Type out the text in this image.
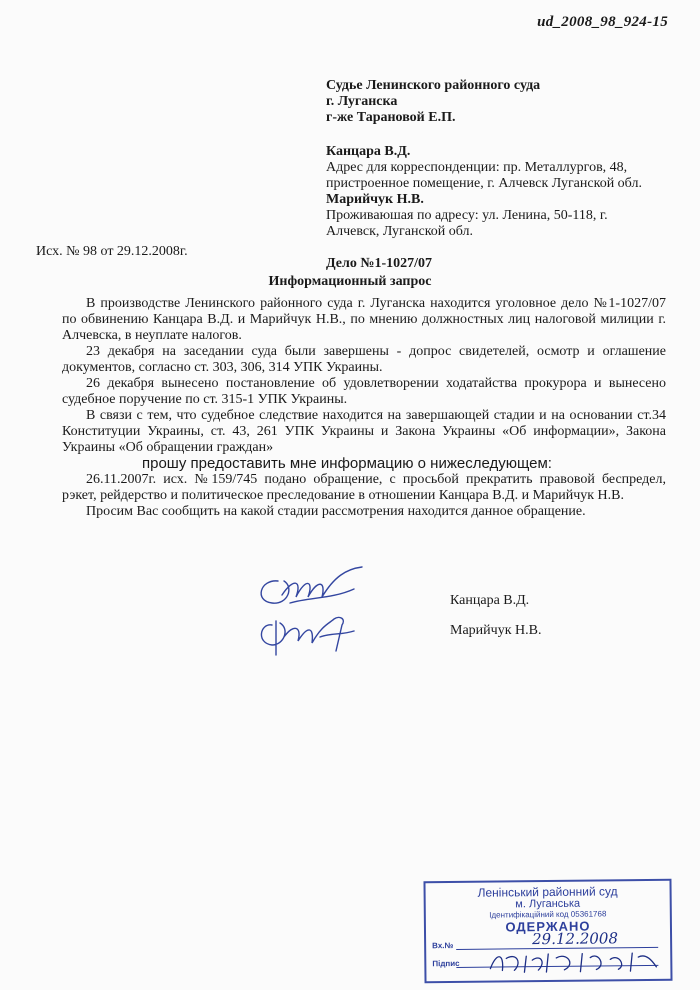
ud_2008_98_924-15
Судье Ленинского районного суда
г. Луганска
г-же Тарановой Е.П.
Канцара В.Д.
Адрес для корреспонденции: пр. Металлургов, 48,
пристроенное помещение, г. Алчевск Луганской обл.
Марийчук Н.В.
Проживаюшая по адресу: ул. Ленина, 50-118, г.
Алчевск, Луганской обл.
Дело №1-1027/07
Исх. № 98 от 29.12.2008г.
Информационный запрос

В производстве Ленинского районного суда г. Луганска находится уголовное дело №1-1027/07 по обвинению Канцара В.Д. и Марийчук Н.В., по мнению должностных лиц налоговой милиции г. Алчевска, в неуплате налогов.

23 декабря на заседании суда были завершены - допрос свидетелей, осмотр и оглашение документов, согласно ст. 303, 306, 314 УПК Украины.

26 декабря вынесено постановление об удовлетворении ходатайства прокурора и вынесено судебное поручение по ст. 315-1 УПК Украины.

В связи с тем, что судебное следствие находится на завершающей стадии и на основании ст.34 Конституции Украины, ст. 43, 261 УПК Украины и Закона Украины «Об информации», Закона Украины «Об обращении граждан»

прошу предоставить мне информацию о нижеследующем:

26.11.2007г. исх. №159/745 подано обращение, с просьбой прекратить правовой беспредел, рэкет, рейдерство и политическое преследование в отношении Канцара В.Д. и Марийчук Н.В.

Просим Вас сообщить на какой стадии рассмотрения находится данное обращение.

Канцара В.Д.
Марийчук Н.В.
Ленінський районний суд
м. Луганська
Ідентифікаційний код 05361768
ОДЕРЖАНО
Вх.№
Підпис
29.12.2008
